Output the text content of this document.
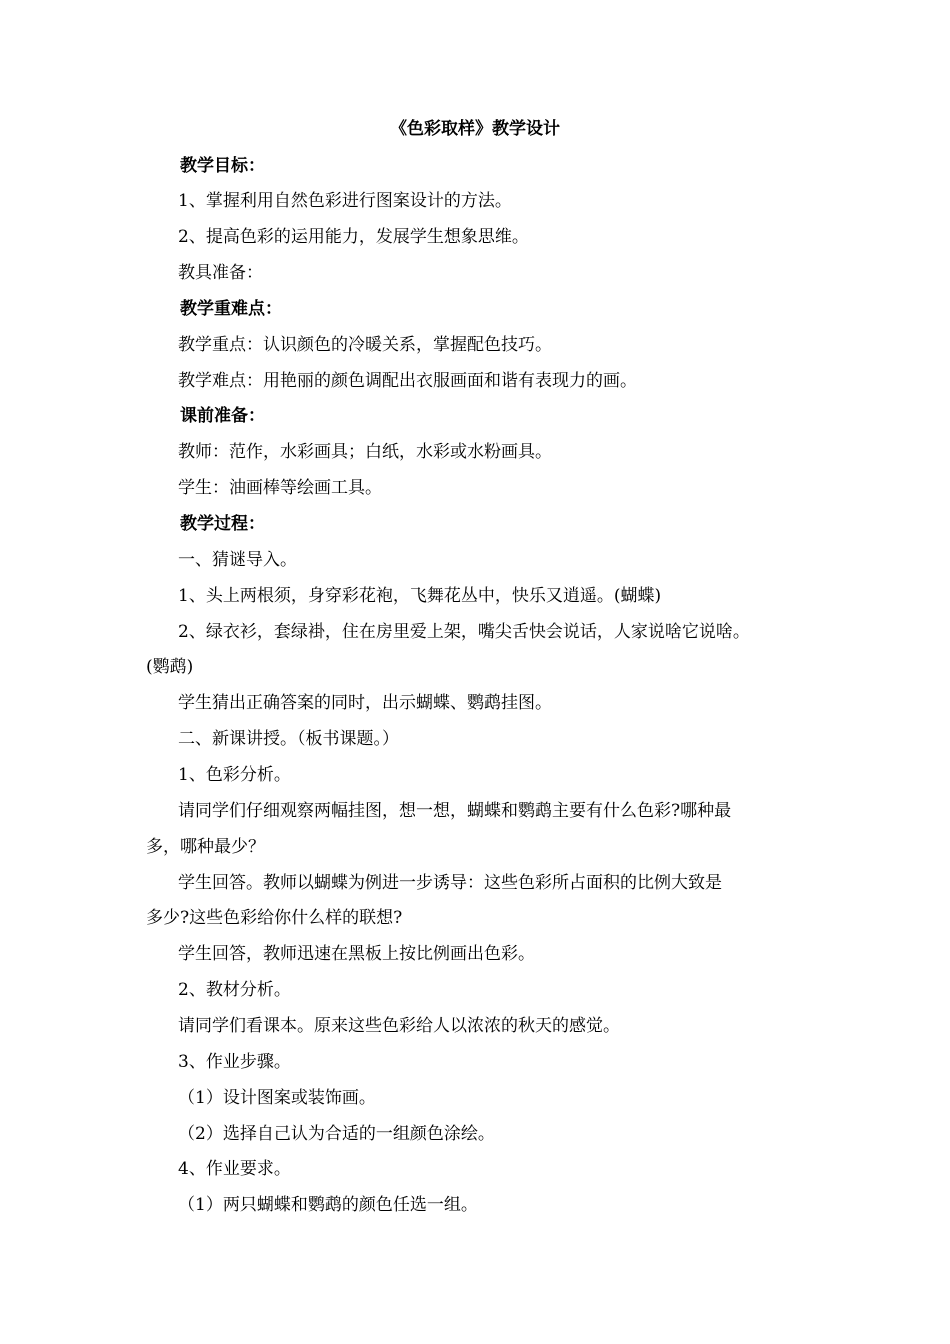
《色彩取样》教学设计
教学目标：
1、掌握利用自然色彩进行图案设计的方法。
2、提高色彩的运用能力，发展学生想象思维。
教具准备：
教学重难点：
教学重点：认识颜色的冷暖关系，掌握配色技巧。
教学难点：用艳丽的颜色调配出衣服画面和谐有表现力的画。
课前准备：
教师：范作，水彩画具；白纸，水彩或水粉画具。
学生：油画棒等绘画工具。
教学过程：
一、猜谜导入。
1、头上两根须，身穿彩花袍，飞舞花丛中，快乐又逍遥。(蝴蝶)
2、绿衣衫，套绿褂，住在房里爱上架，嘴尖舌快会说话，人家说啥它说啥。
(鹦鹉)
学生猜出正确答案的同时，出示蝴蝶、鹦鹉挂图。
二、新课讲授。（板书课题。）
1、色彩分析。
请同学们仔细观察两幅挂图，想一想，蝴蝶和鹦鹉主要有什么色彩?哪种最
多，哪种最少？
学生回答。教师以蝴蝶为例进一步诱导：这些色彩所占面积的比例大致是
多少?这些色彩给你什么样的联想?
学生回答，教师迅速在黑板上按比例画出色彩。
2、教材分析。
请同学们看课本。原来这些色彩给人以浓浓的秋天的感觉。
3、作业步骤。
（1）设计图案或装饰画。
（2）选择自己认为合适的一组颜色涂绘。
4、作业要求。
（1）两只蝴蝶和鹦鹉的颜色任选一组。
